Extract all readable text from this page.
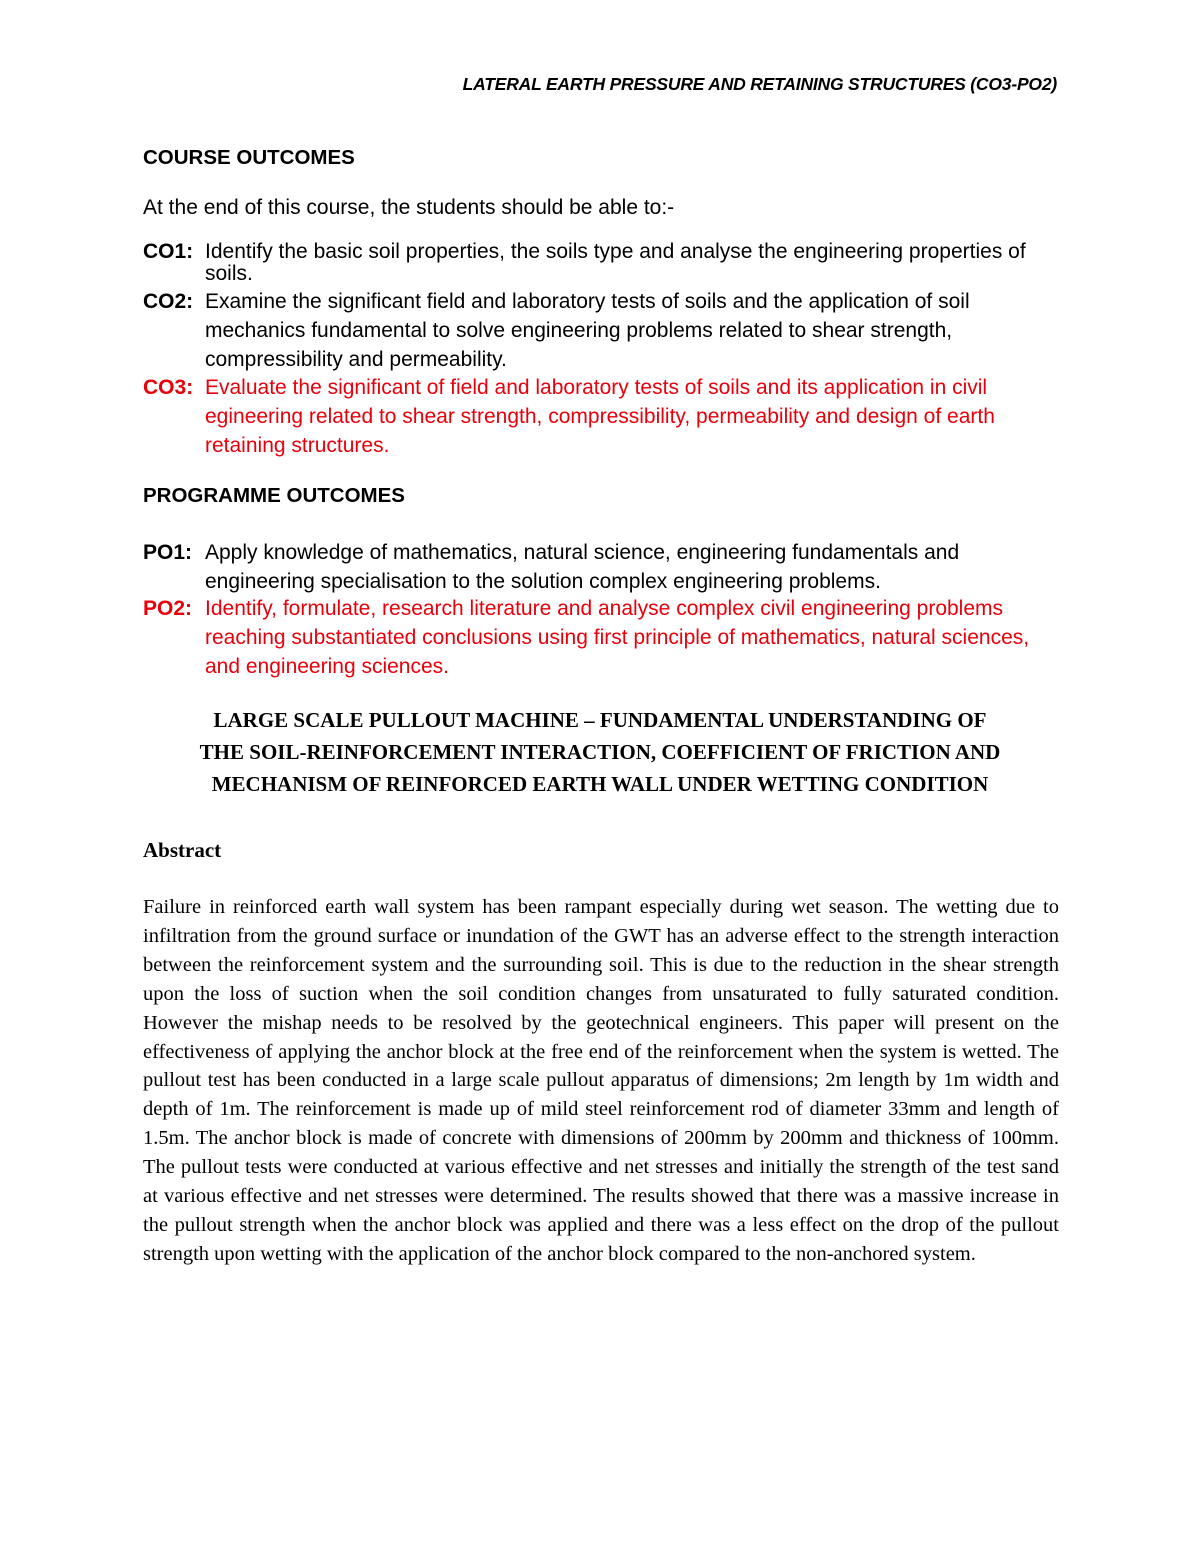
LATERAL EARTH PRESSURE AND RETAINING STRUCTURES (CO3-PO2)
COURSE OUTCOMES
At the end of this course, the students should be able to:-
CO1: Identify the basic soil properties, the soils type and analyse the engineering properties of soils.
CO2: Examine the significant field and laboratory tests of soils and the application of soil mechanics fundamental to solve engineering problems related to shear strength, compressibility and permeability.
CO3: Evaluate the significant of field and laboratory tests of soils and its application in civil egineering related to shear strength, compressibility, permeability and design of earth retaining structures.
PROGRAMME OUTCOMES
PO1: Apply knowledge of mathematics, natural science, engineering fundamentals and engineering specialisation to the solution complex engineering problems.
PO2: Identify, formulate, research literature and analyse complex civil engineering problems reaching substantiated conclusions using first principle of mathematics, natural sciences, and engineering sciences.
LARGE SCALE PULLOUT MACHINE – FUNDAMENTAL UNDERSTANDING OF
THE SOIL-REINFORCEMENT INTERACTION, COEFFICIENT OF FRICTION AND
MECHANISM OF REINFORCED EARTH WALL UNDER WETTING CONDITION
Abstract
Failure in reinforced earth wall system has been rampant especially during wet season. The wetting due to infiltration from the ground surface or inundation of the GWT has an adverse effect to the strength interaction between the reinforcement system and the surrounding soil. This is due to the reduction in the shear strength upon the loss of suction when the soil condition changes from unsaturated to fully saturated condition. However the mishap needs to be resolved by the geotechnical engineers. This paper will present on the effectiveness of applying the anchor block at the free end of the reinforcement when the system is wetted. The pullout test has been conducted in a large scale pullout apparatus of dimensions; 2m length by 1m width and depth of 1m. The reinforcement is made up of mild steel reinforcement rod of diameter 33mm and length of 1.5m. The anchor block is made of concrete with dimensions of 200mm by 200mm and thickness of 100mm. The pullout tests were conducted at various effective and net stresses and initially the strength of the test sand at various effective and net stresses were determined. The results showed that there was a massive increase in the pullout strength when the anchor block was applied and there was a less effect on the drop of the pullout strength upon wetting with the application of the anchor block compared to the non-anchored system.
